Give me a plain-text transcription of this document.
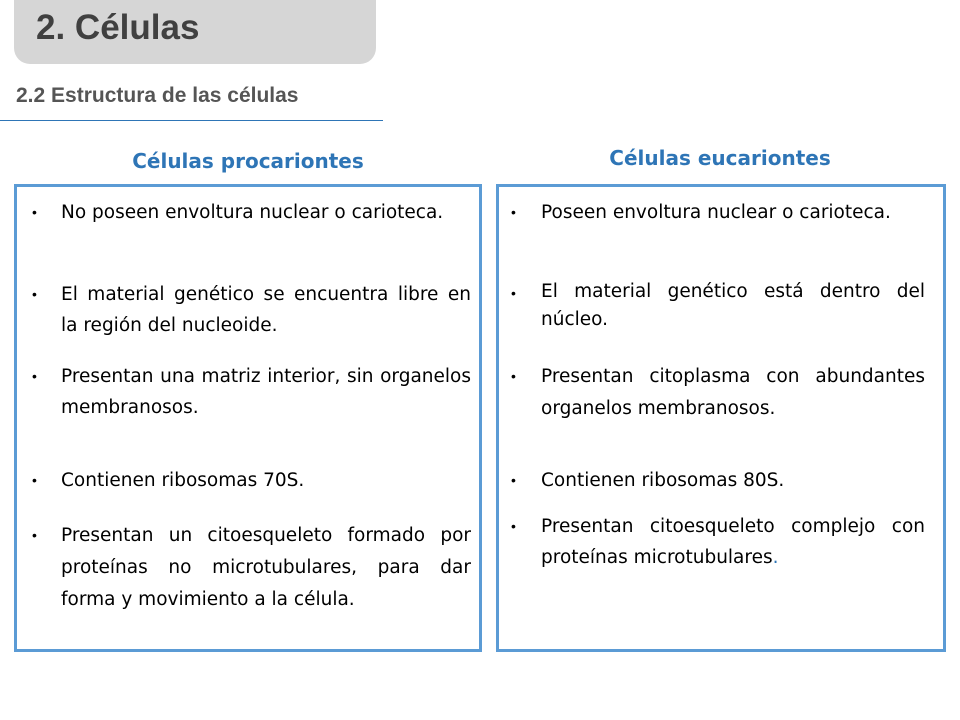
2. Células
2.2 Estructura de las células
Células procariontes	Células eucariontes
• No poseen envoltura nuclear o carioteca.
• El material genético se encuentra libre en la región del nucleoide.
• Presentan una matriz interior, sin organelos membranosos.
• Contienen ribosomas 70S.
• Presentan un citoesqueleto formado por proteínas no microtubulares, para dar forma y movimiento a la célula.
• Poseen envoltura nuclear o carioteca.
• El material genético está dentro del núcleo.
• Presentan citoplasma con abundantes organelos membranosos.
• Contienen ribosomas 80S.
• Presentan citoesqueleto complejo con proteínas microtubulares.
